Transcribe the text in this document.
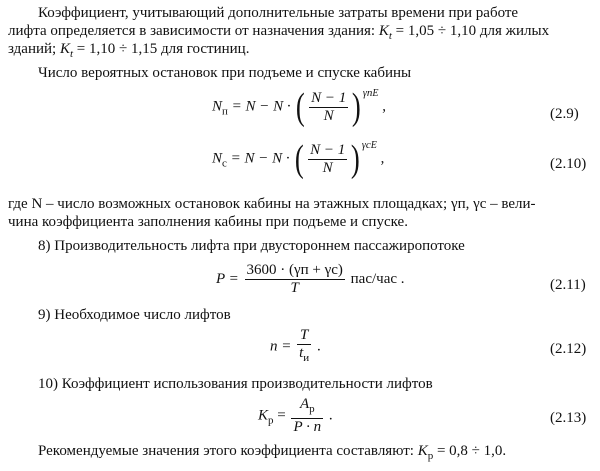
Коэффициент, учитывающий дополнительные затраты времени при работе
лифта определяется в зависимости от назначения здания: $K_t = 1,05 \div 1,10$ для жилых
зданий; $K_t = 1,10 \div 1,15$ для гостиниц.
Число вероятных остановок при подъеме и спуске кабины
$N_п = N - N$ · ( $\frac{N - 1}{N}$ ) $^{\gamma пE}$ ,	(2.9)
$N_с = N - N$ · ( $\frac{N - 1}{N}$ ) $^{\gamma сE}$ ,	(2.10)
где N – число возможных остановок кабины на этажных площадках; γп, γс – вели-
чина коэффициента заполнения кабины при подъеме и спуске.
8) Производительность лифта при двустороннем пассажиропотоке
$P = \frac{3600 \cdot (\gamma п + \gamma с)}{T} пас/час$ .	(2.11)
9) Необходимое число лифтов
$n = \frac{T}{t_и}$ .	(2.12)
10) Коэффициент использования производительности лифтов
$K_р = \frac{A_р}{P \cdot n}$ .	(2.13)
Рекомендуемые значения этого коэффициента составляют: $K_р = 0,8 \div 1,0$.
